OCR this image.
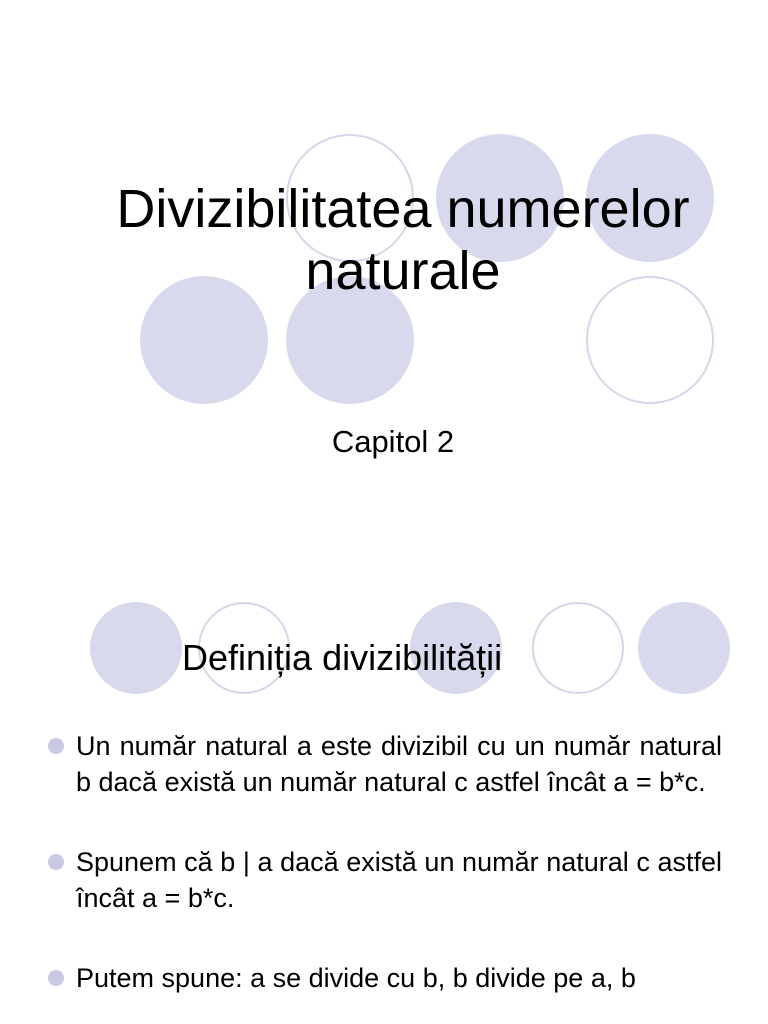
Divizibilitatea numerelor naturale

Capitol 2

Definiția divizibilității
Un număr natural a este divizibil cu un număr natural b dacă există un număr natural c astfel încât a = b*c.
Spunem că b | a dacă există un număr natural c astfel încât a = b*c.
Putem spune: a se divide cu b, b divide pe a, b
